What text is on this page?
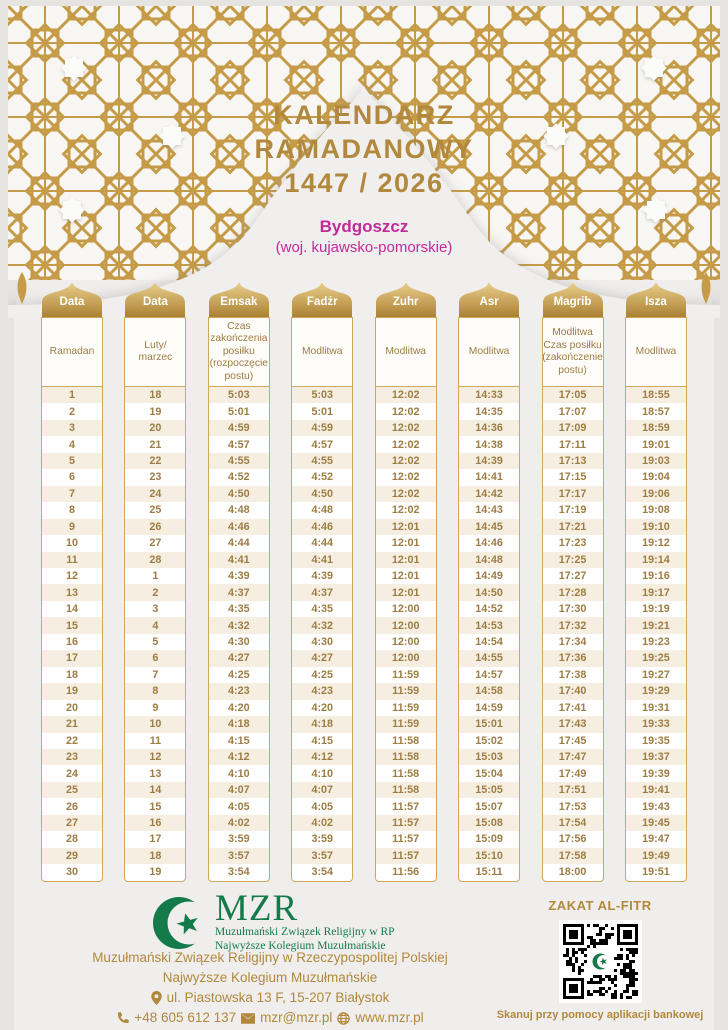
KALENDARZ
RAMADANOWY
1447 / 2026
Bydgoszcz
(woj. kujawsko-pomorskie)
Data
Ramadan
1
2
3
4
5
6
7
8
9
10
11
12
13
14
15
16
17
18
19
20
21
22
23
24
25
26
27
28
29
30
Data
Luty/
marzec
18
19
20
21
22
23
24
25
26
27
28
1
2
3
4
5
6
7
8
9
10
11
12
13
14
15
16
17
18
19
Emsak
Czas zakończenia posiłku (rozpoczęcie postu)
5:03
5:01
4:59
4:57
4:55
4:52
4:50
4:48
4:46
4:44
4:41
4:39
4:37
4:35
4:32
4:30
4:27
4:25
4:23
4:20
4:18
4:15
4:12
4:10
4:07
4:05
4:02
3:59
3:57
3:54
Fadżr
Modlitwa
5:03
5:01
4:59
4:57
4:55
4:52
4:50
4:48
4:46
4:44
4:41
4:39
4:37
4:35
4:32
4:30
4:27
4:25
4:23
4:20
4:18
4:15
4:12
4:10
4:07
4:05
4:02
3:59
3:57
3:54
Zuhr
Modlitwa
12:02
12:02
12:02
12:02
12:02
12:02
12:02
12:02
12:01
12:01
12:01
12:01
12:01
12:00
12:00
12:00
12:00
11:59
11:59
11:59
11:59
11:58
11:58
11:58
11:58
11:57
11:57
11:57
11:57
11:56
Asr
Modlitwa
14:33
14:35
14:36
14:38
14:39
14:41
14:42
14:43
14:45
14:46
14:48
14:49
14:50
14:52
14:53
14:54
14:55
14:57
14:58
14:59
15:01
15:02
15:03
15:04
15:05
15:07
15:08
15:09
15:10
15:11
Magrib
Modlitwa Czas posiłku (zakończenie postu)
17:05
17:07
17:09
17:11
17:13
17:15
17:17
17:19
17:21
17:23
17:25
17:27
17:28
17:30
17:32
17:34
17:36
17:38
17:40
17:41
17:43
17:45
17:47
17:49
17:51
17:53
17:54
17:56
17:58
18:00
Isza
Modlitwa
18:55
18:57
18:59
19:01
19:03
19:04
19:06
19:08
19:10
19:12
19:14
19:16
19:17
19:19
19:21
19:23
19:25
19:27
19:29
19:31
19:33
19:35
19:37
19:39
19:41
19:43
19:45
19:47
19:49
19:51
MZR
Muzułmański Związek Religijny w RP
Najwyższe Kolegium Muzułmańskie
Muzułmański Związek Religijny w Rzeczypospolitej Polskiej
Najwyższe Kolegium Muzułmańskie
ul. Piastowska 13 F, 15-207 Białystok
+48 605 612 137 mzr@mzr.pl www.mzr.pl
ZAKAT AL-FITR
Skanuj przy pomocy aplikacji bankowej
